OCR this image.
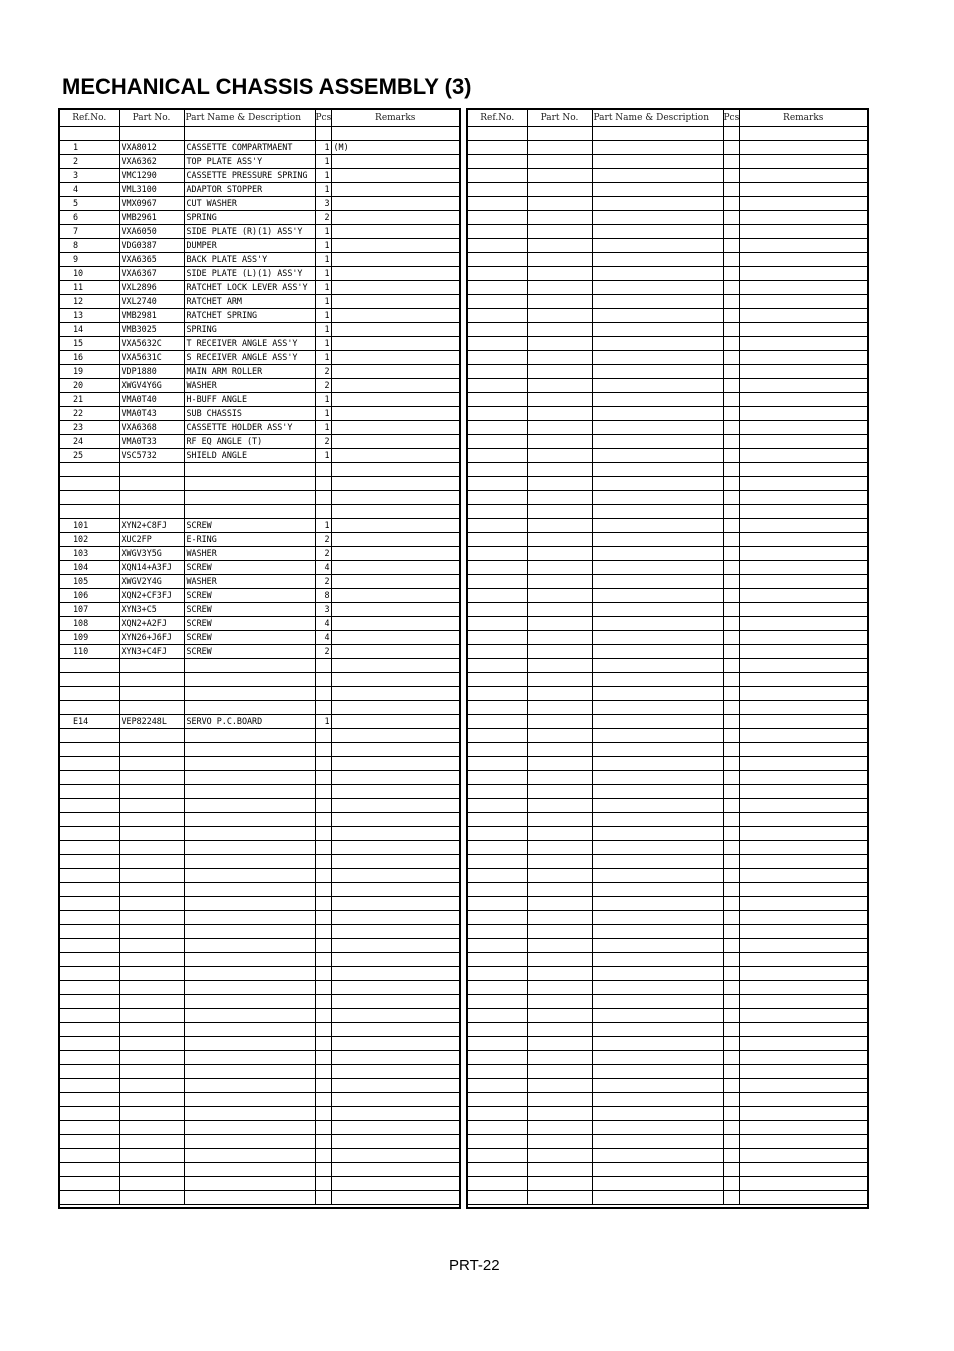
MECHANICAL CHASSIS ASSEMBLY (3)
Ref.No.	Part No.	Part Name & Description	Pcs	Remarks

1	VXA8012	CASSETTE COMPARTMAENT	1	(M)
2	VXA6362	TOP PLATE ASS'Y	1	
3	VMC1290	CASSETTE PRESSURE SPRING	1	
4	VML3100	ADAPTOR STOPPER	1	
5	VMX0967	CUT WASHER	3	
6	VMB2961	SPRING	2	
7	VXA6050	SIDE PLATE (R)(1) ASS'Y	1	
8	VDG0387	DUMPER	1	
9	VXA6365	BACK PLATE ASS'Y	1	
10	VXA6367	SIDE PLATE (L)(1) ASS'Y	1	
11	VXL2896	RATCHET LOCK LEVER ASS'Y	1	
12	VXL2740	RATCHET ARM	1	
13	VMB2981	RATCHET SPRING	1	
14	VMB3025	SPRING	1	
15	VXA5632C	T RECEIVER ANGLE ASS'Y	1	
16	VXA5631C	S RECEIVER ANGLE ASS'Y	1	
19	VDP1880	MAIN ARM ROLLER	2	
20	XWGV4Y6G	WASHER	2	
21	VMA0T40	H-BUFF ANGLE	1	
22	VMA0T43	SUB CHASSIS	1	
23	VXA6368	CASSETTE HOLDER ASS'Y	1	
24	VMA0T33	RF EQ ANGLE (T)	2	
25	VSC5732	SHIELD ANGLE	1	

101	XYN2+C8FJ	SCREW	1	
102	XUC2FP	E-RING	2	
103	XWGV3Y5G	WASHER	2	
104	XQN14+A3FJ	SCREW	4	
105	XWGV2Y4G	WASHER	2	
106	XQN2+CF3FJ	SCREW	8	
107	XYN3+C5	SCREW	3	
108	XQN2+A2FJ	SCREW	4	
109	XYN26+J6FJ	SCREW	4	
110	XYN3+C4FJ	SCREW	2	

E14	VEP82248L	SERVO P.C.BOARD	1	

Ref.No.	Part No.	Part Name & Description	Pcs	Remarks

PRT-22
